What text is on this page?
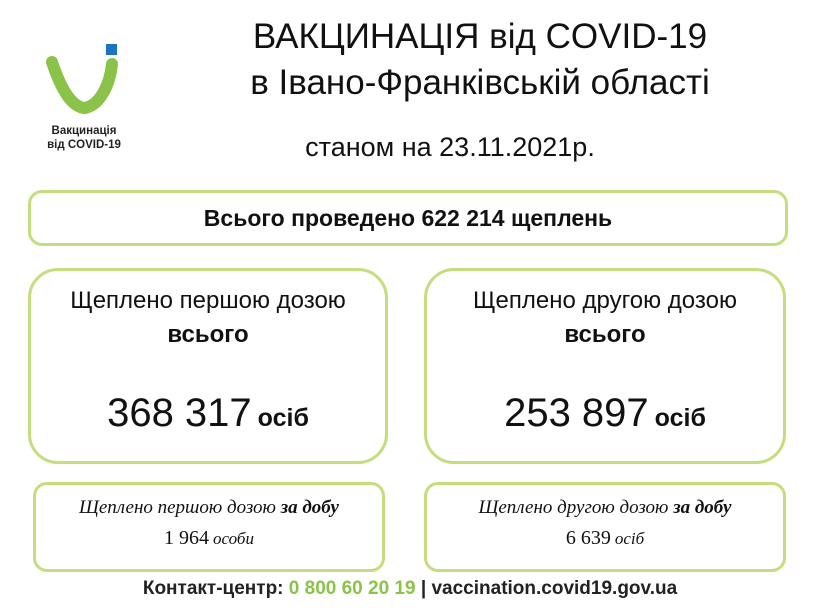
Вакцинація
від COVID-19
ВАКЦИНАЦІЯ від COVID-19
в Івано-Франківській області
станом на 23.11.2021р.
Всього проведено 622 214 щеплень
Щеплено першою дозою
всього
368 317 осіб
Щеплено другою дозою
всього
253 897 осіб
Щеплено першою дозою за добу
1 964 особи
Щеплено другою дозою за добу
6 639 осіб
Контакт-центр: 0 800 60 20 19 | vaccination.covid19.gov.ua
